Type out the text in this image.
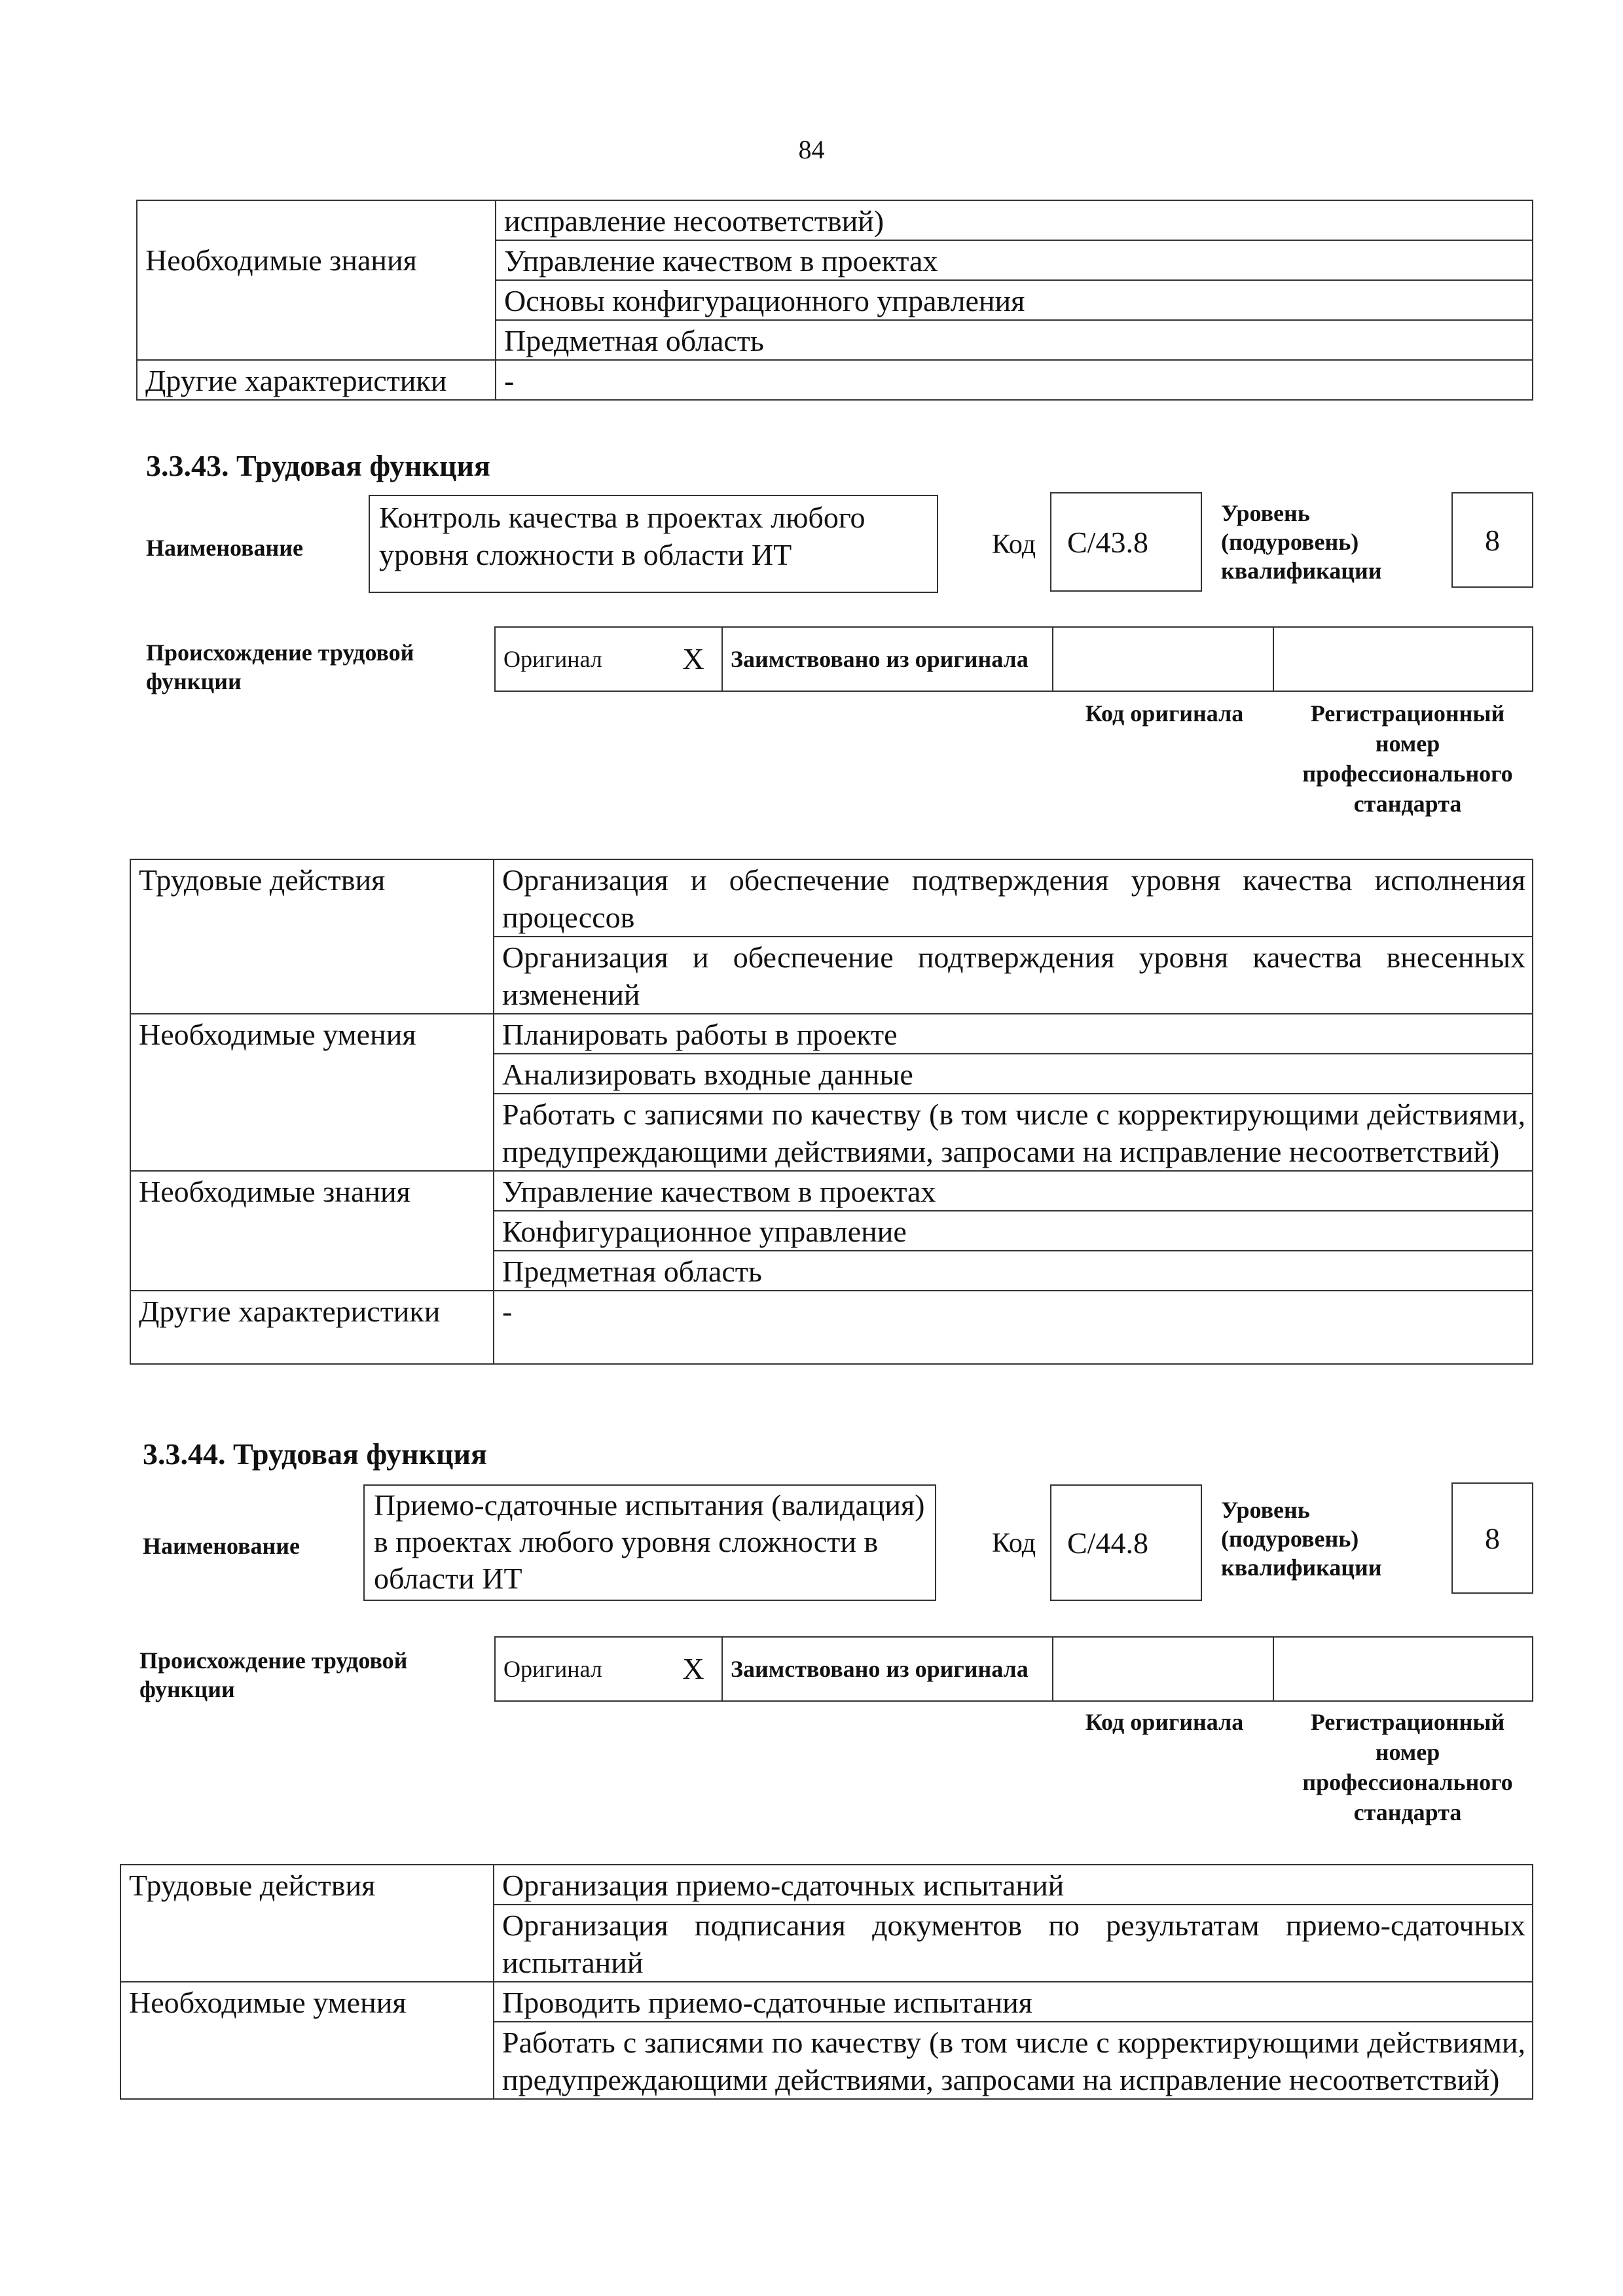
84
	исправление несоответствий)
Необходимые знания	Управление качеством в проектах
	Основы конфигурационного управления
	Предметная область
Другие характеристики	-
3.3.43. Трудовая функция
Наименование
Контроль качества в проектах любого уровня сложности в области ИТ	Код	C/43.8
Уровень (подуровень) квалификации
8
Происхождение трудовой функции
Оригинал	X	Заимствовано из оригинала		
Код оригинала	Регистрационный номер профессионального стандарта
Трудовые действия	Организация и обеспечение подтверждения уровня качества исполнения процессов
	Организация и обеспечение подтверждения уровня качества внесенных изменений
Необходимые умения	Планировать работы в проекте
	Анализировать входные данные
	Работать с записями по качеству (в том числе с корректирующими действиями, предупреждающими действиями, запросами на исправление несоответствий)
Необходимые знания	Управление качеством в проектах
	Конфигурационное управление
	Предметная область
Другие характеристики	-
3.3.44. Трудовая функция
Наименование
Приемо-сдаточные испытания (валидация) в проектах любого уровня сложности в области ИТ
Код	C/44.8
Уровень (подуровень) квалификации
8
Происхождение трудовой функции
Оригинал	X	Заимствовано из оригинала		
Код оригинала	Регистрационный номер профессионального стандарта
Трудовые действия	Организация приемо-сдаточных испытаний
	Организация подписания документов по результатам приемо-сдаточных испытаний
Необходимые умения	Проводить приемо-сдаточные испытания
	Работать с записями по качеству (в том числе с корректирующими действиями, предупреждающими действиями, запросами на исправление несоответствий)
